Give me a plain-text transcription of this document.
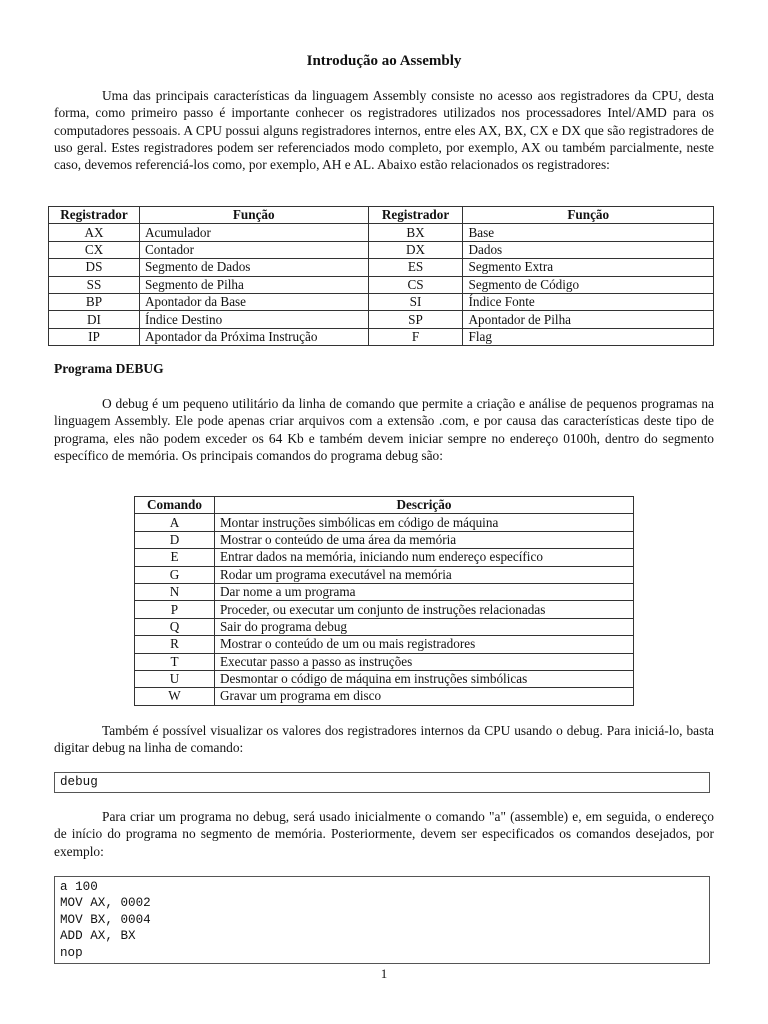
Introdução ao Assembly
Uma das principais características da linguagem Assembly consiste no acesso aos registradores da CPU, desta forma, como primeiro passo é importante conhecer os registradores utilizados nos processadores Intel/AMD para os computadores pessoais. A CPU possui alguns registradores internos, entre eles AX, BX, CX e DX que são registradores de uso geral. Estes registradores podem ser referenciados modo completo, por exemplo, AX ou também parcialmente, neste caso, devemos referenciá-los como, por exemplo, AH e AL. Abaixo estão relacionados os registradores:
Registrador	Função	Registrador	Função
AX	Acumulador	BX	Base
CX	Contador	DX	Dados
DS	Segmento de Dados	ES	Segmento Extra
SS	Segmento de Pilha	CS	Segmento de Código
BP	Apontador da Base	SI	Índice Fonte
DI	Índice Destino	SP	Apontador de Pilha
IP	Apontador da Próxima Instrução	F	Flag
Programa DEBUG
O debug é um pequeno utilitário da linha de comando que permite a criação e análise de pequenos programas na linguagem Assembly. Ele pode apenas criar arquivos com a extensão .com, e por causa das características deste tipo de programa, eles não podem exceder os 64 Kb e também devem iniciar sempre no endereço 0100h, dentro do segmento específico de memória. Os principais comandos do programa debug são:
Comando	Descrição
A	Montar instruções simbólicas em código de máquina
D	Mostrar o conteúdo de uma área da memória
E	Entrar dados na memória, iniciando num endereço específico
G	Rodar um programa executável na memória
N	Dar nome a um programa
P	Proceder, ou executar um conjunto de instruções relacionadas
Q	Sair do programa debug
R	Mostrar o conteúdo de um ou mais registradores
T	Executar passo a passo as instruções
U	Desmontar o código de máquina em instruções simbólicas
W	Gravar um programa em disco
Também é possível visualizar os valores dos registradores internos da CPU usando o debug. Para iniciá-lo, basta digitar debug na linha de comando:
debug
Para criar um programa no debug, será usado inicialmente o comando "a" (assemble) e, em seguida, o endereço de início do programa no segmento de memória. Posteriormente, devem ser especificados os comandos desejados, por exemplo:
a 100
MOV AX, 0002
MOV BX, 0004
ADD AX, BX
nop
1
